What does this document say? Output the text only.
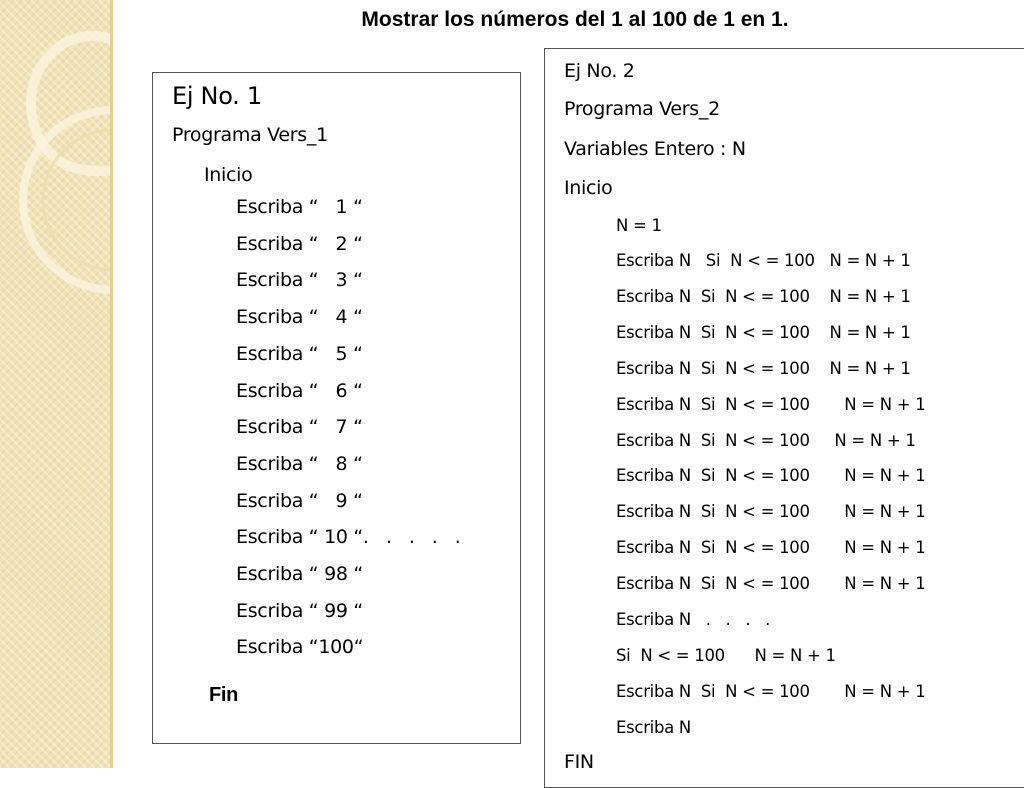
Mostrar los números del 1 al 100 de 1 en 1.
Ej No. 1
Programa Vers_1
Inicio
Escriba “   1 “
Escriba “   2 “
Escriba “   3 “
Escriba “   4 “
Escriba “   5 “
Escriba “   6 “
Escriba “   7 “
Escriba “   8 “
Escriba “   9 “
Escriba “ 10 “.   .   .   .   .
Escriba “ 98 “
Escriba “ 99 “
Escriba “100“
Fin
Ej No. 2
Programa Vers_2
Variables Entero : N
Inicio
N = 1
Escriba N   Si  N < = 100   N = N + 1
Escriba N  Si  N < = 100    N = N + 1
Escriba N  Si  N < = 100    N = N + 1
Escriba N  Si  N < = 100    N = N + 1
Escriba N  Si  N < = 100       N = N + 1
Escriba N  Si  N < = 100     N = N + 1
Escriba N  Si  N < = 100       N = N + 1
Escriba N  Si  N < = 100       N = N + 1
Escriba N  Si  N < = 100       N = N + 1
Escriba N  Si  N < = 100       N = N + 1
Escriba N   .   .   .   .
Si  N < = 100      N = N + 1
Escriba N  Si  N < = 100       N = N + 1
Escriba N
FIN
